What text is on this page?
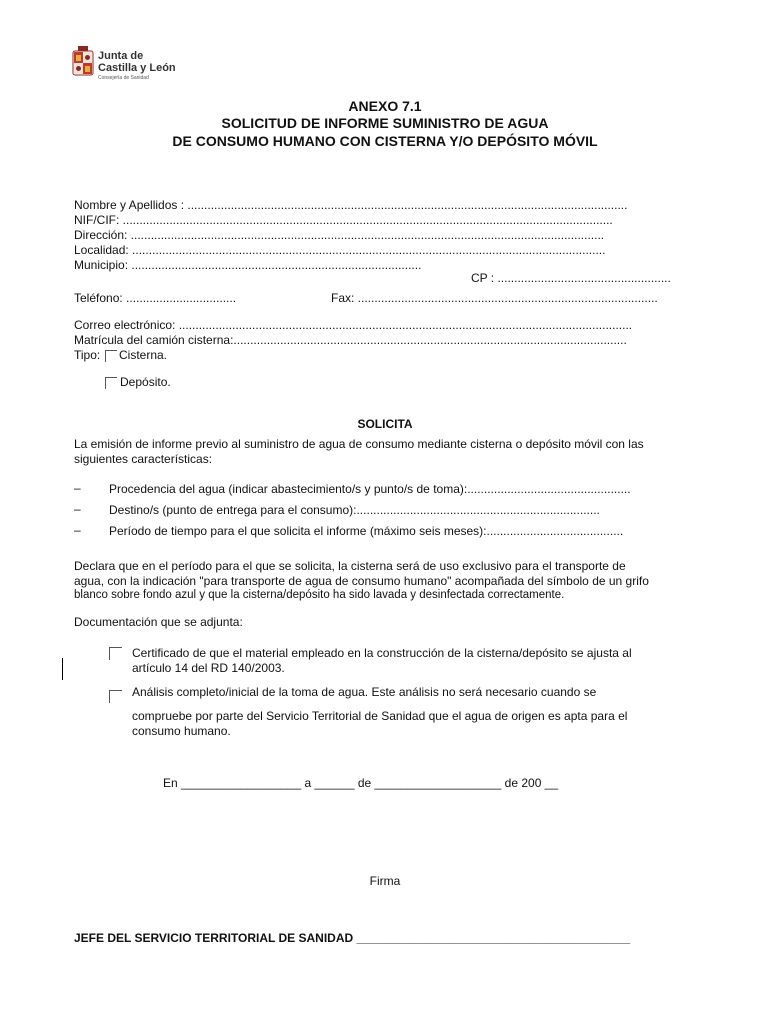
Junta de
Castilla y León
Consejería de Sanidad
ANEXO 7.1
SOLICITUD DE INFORME SUMINISTRO DE AGUA
DE CONSUMO HUMANO CON CISTERNA Y/O DEPÓSITO MÓVIL
Nombre y Apellidos : ....................................................................................................................................
NIF/CIF: ...................................................................................................................................................
Dirección: ..............................................................................................................................................
Localidad: ..............................................................................................................................................
Municipio: .......................................................................................
CP : ....................................................
Teléfono: .................................	Fax: ..........................................................................................
Correo electrónico: ........................................................................................................................................
Matrícula del camión cisterna:......................................................................................................................
Tipo: Cisterna.
Depósito.
SOLICITA
La emisión de informe previo al suministro de agua de consumo mediante cisterna o depósito móvil con las
siguientes características:
– Procedencia del agua (indicar abastecimiento/s y punto/s de toma):.................................................
– Destino/s (punto de entrega para el consumo):.........................................................................
– Período de tiempo para el que solicita el informe (máximo seis meses):.........................................
Declara que en el período para el que se solicita, la cisterna será de uso exclusivo para el transporte de
agua, con la indicación "para transporte de agua de consumo humano" acompañada del símbolo de un grifo
blanco sobre fondo azul y que la cisterna/depósito ha sido lavada y desinfectada correctamente.
Documentación que se adjunta:
Certificado de que el material empleado en la construcción de la cisterna/depósito se ajusta al
artículo 14 del RD 140/2003.
Análisis completo/inicial de la toma de agua. Este análisis no será necesario cuando se
compruebe por parte del Servicio Territorial de Sanidad que el agua de origen es apta para el
consumo humano.
En __________________ a ______ de ___________________ de 200 __
Firma
JEFE DEL SERVICIO TERRITORIAL DE SANIDAD _________________________________________
